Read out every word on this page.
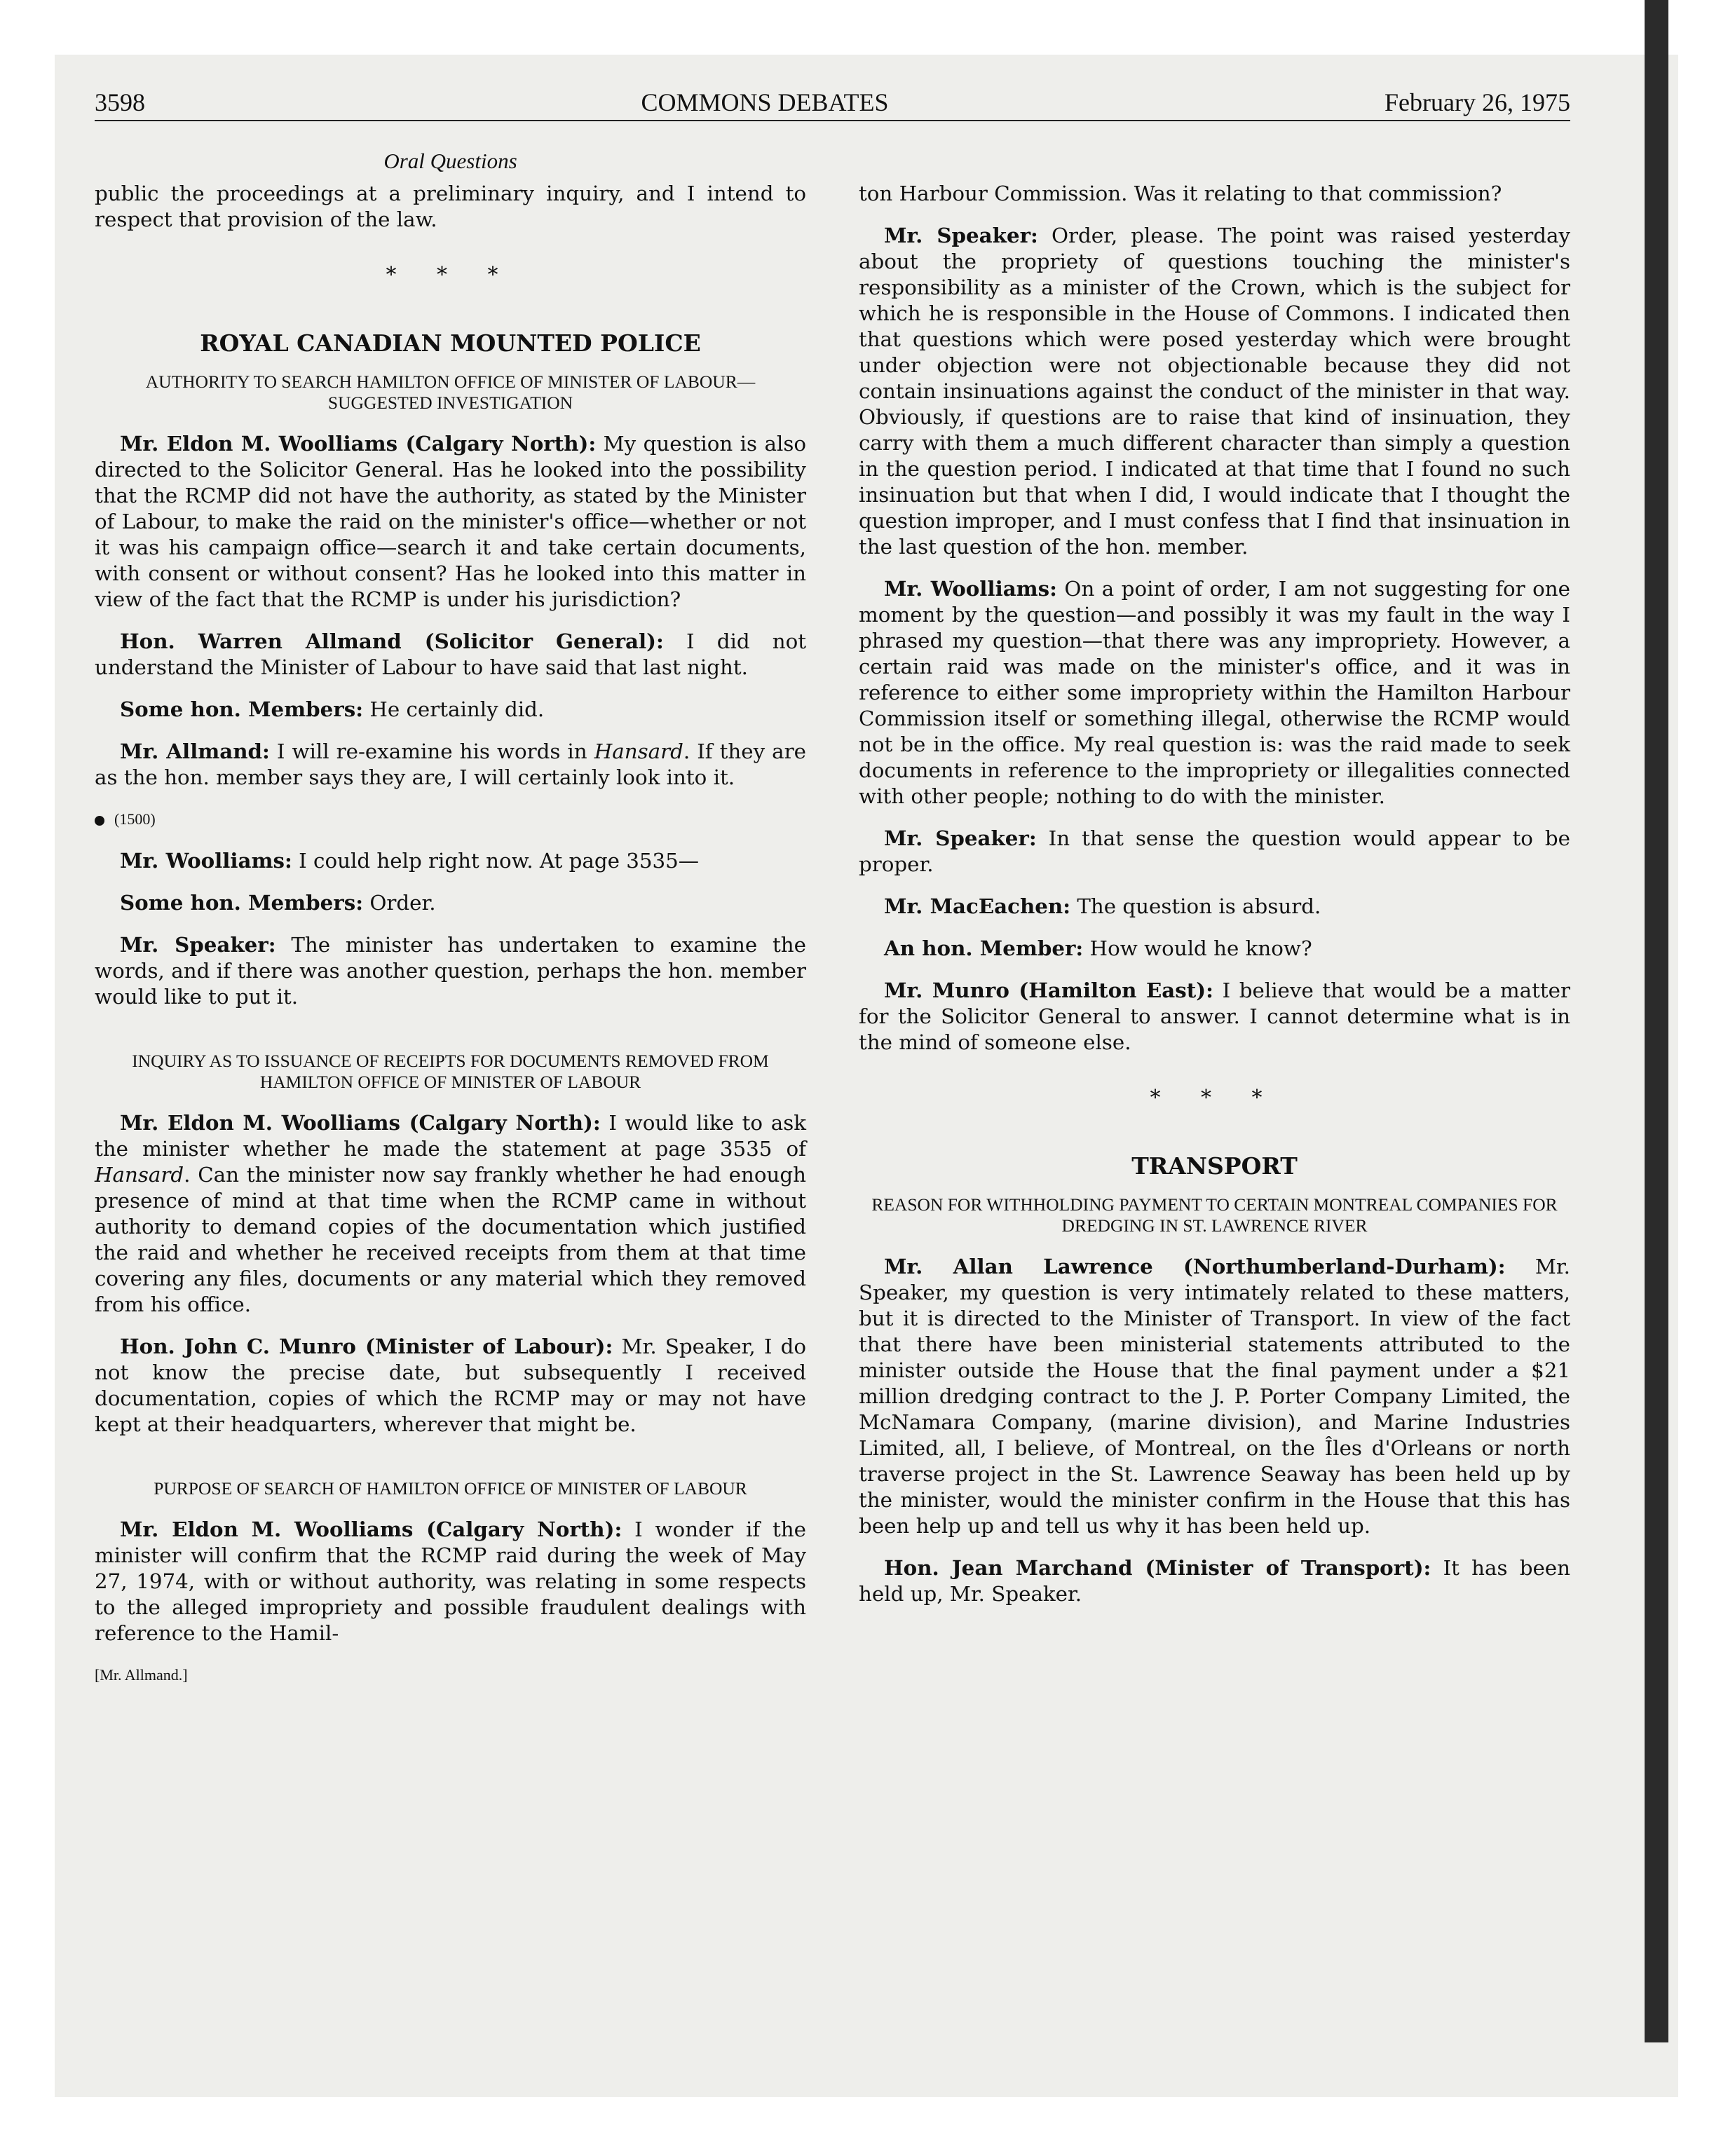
3598	COMMONS DEBATES	February 26, 1975
Oral Questions

public the proceedings at a preliminary inquiry, and I intend to respect that provision of the law.

* * *
ROYAL CANADIAN MOUNTED POLICE
AUTHORITY TO SEARCH HAMILTON OFFICE OF MINISTER OF LABOUR—SUGGESTED INVESTIGATION

Mr. Eldon M. Woolliams (Calgary North): My question is also directed to the Solicitor General. Has he looked into the possibility that the RCMP did not have the authority, as stated by the Minister of Labour, to make the raid on the minister's office—whether or not it was his campaign office—search it and take certain documents, with consent or without consent? Has he looked into this matter in view of the fact that the RCMP is under his jurisdiction?

Hon. Warren Allmand (Solicitor General): I did not understand the Minister of Labour to have said that last night.

Some hon. Members: He certainly did.

Mr. Allmand: I will re-examine his words in Hansard. If they are as the hon. member says they are, I will certainly look into it.

(1500)

Mr. Woolliams: I could help right now. At page 3535—

Some hon. Members: Order.

Mr. Speaker: The minister has undertaken to examine the words, and if there was another question, perhaps the hon. member would like to put it.

INQUIRY AS TO ISSUANCE OF RECEIPTS FOR DOCUMENTS REMOVED FROM HAMILTON OFFICE OF MINISTER OF LABOUR

Mr. Eldon M. Woolliams (Calgary North): I would like to ask the minister whether he made the statement at page 3535 of Hansard. Can the minister now say frankly whether he had enough presence of mind at that time when the RCMP came in without authority to demand copies of the documentation which justified the raid and whether he received receipts from them at that time covering any files, documents or any material which they removed from his office.

Hon. John C. Munro (Minister of Labour): Mr. Speaker, I do not know the precise date, but subsequently I received documentation, copies of which the RCMP may or may not have kept at their headquarters, wherever that might be.

PURPOSE OF SEARCH OF HAMILTON OFFICE OF MINISTER OF LABOUR

Mr. Eldon M. Woolliams (Calgary North): I wonder if the minister will confirm that the RCMP raid during the week of May 27, 1974, with or without authority, was relating in some respects to the alleged impropriety and possible fraudulent dealings with reference to the Hamil-

[Mr. Allmand.]

ton Harbour Commission. Was it relating to that commission?

Mr. Speaker: Order, please. The point was raised yesterday about the propriety of questions touching the minister's responsibility as a minister of the Crown, which is the subject for which he is responsible in the House of Commons. I indicated then that questions which were posed yesterday which were brought under objection were not objectionable because they did not contain insinuations against the conduct of the minister in that way. Obviously, if questions are to raise that kind of insinuation, they carry with them a much different character than simply a question in the question period. I indicated at that time that I found no such insinuation but that when I did, I would indicate that I thought the question improper, and I must confess that I find that insinuation in the last question of the hon. member.

Mr. Woolliams: On a point of order, I am not suggesting for one moment by the question—and possibly it was my fault in the way I phrased my question—that there was any impropriety. However, a certain raid was made on the minister's office, and it was in reference to either some impropriety within the Hamilton Harbour Commission itself or something illegal, otherwise the RCMP would not be in the office. My real question is: was the raid made to seek documents in reference to the impropriety or illegalities connected with other people; nothing to do with the minister.

Mr. Speaker: In that sense the question would appear to be proper.

Mr. MacEachen: The question is absurd.

An hon. Member: How would he know?

Mr. Munro (Hamilton East): I believe that would be a matter for the Solicitor General to answer. I cannot determine what is in the mind of someone else.

* * *
TRANSPORT
REASON FOR WITHHOLDING PAYMENT TO CERTAIN MONTREAL COMPANIES FOR DREDGING IN ST. LAWRENCE RIVER

Mr. Allan Lawrence (Northumberland-Durham): Mr. Speaker, my question is very intimately related to these matters, but it is directed to the Minister of Transport. In view of the fact that there have been ministerial statements attributed to the minister outside the House that the final payment under a $21 million dredging contract to the J. P. Porter Company Limited, the McNamara Company, (marine division), and Marine Industries Limited, all, I believe, of Montreal, on the Îles d'Orleans or north traverse project in the St. Lawrence Seaway has been held up by the minister, would the minister confirm in the House that this has been help up and tell us why it has been held up.

Hon. Jean Marchand (Minister of Transport): It has been held up, Mr. Speaker.
